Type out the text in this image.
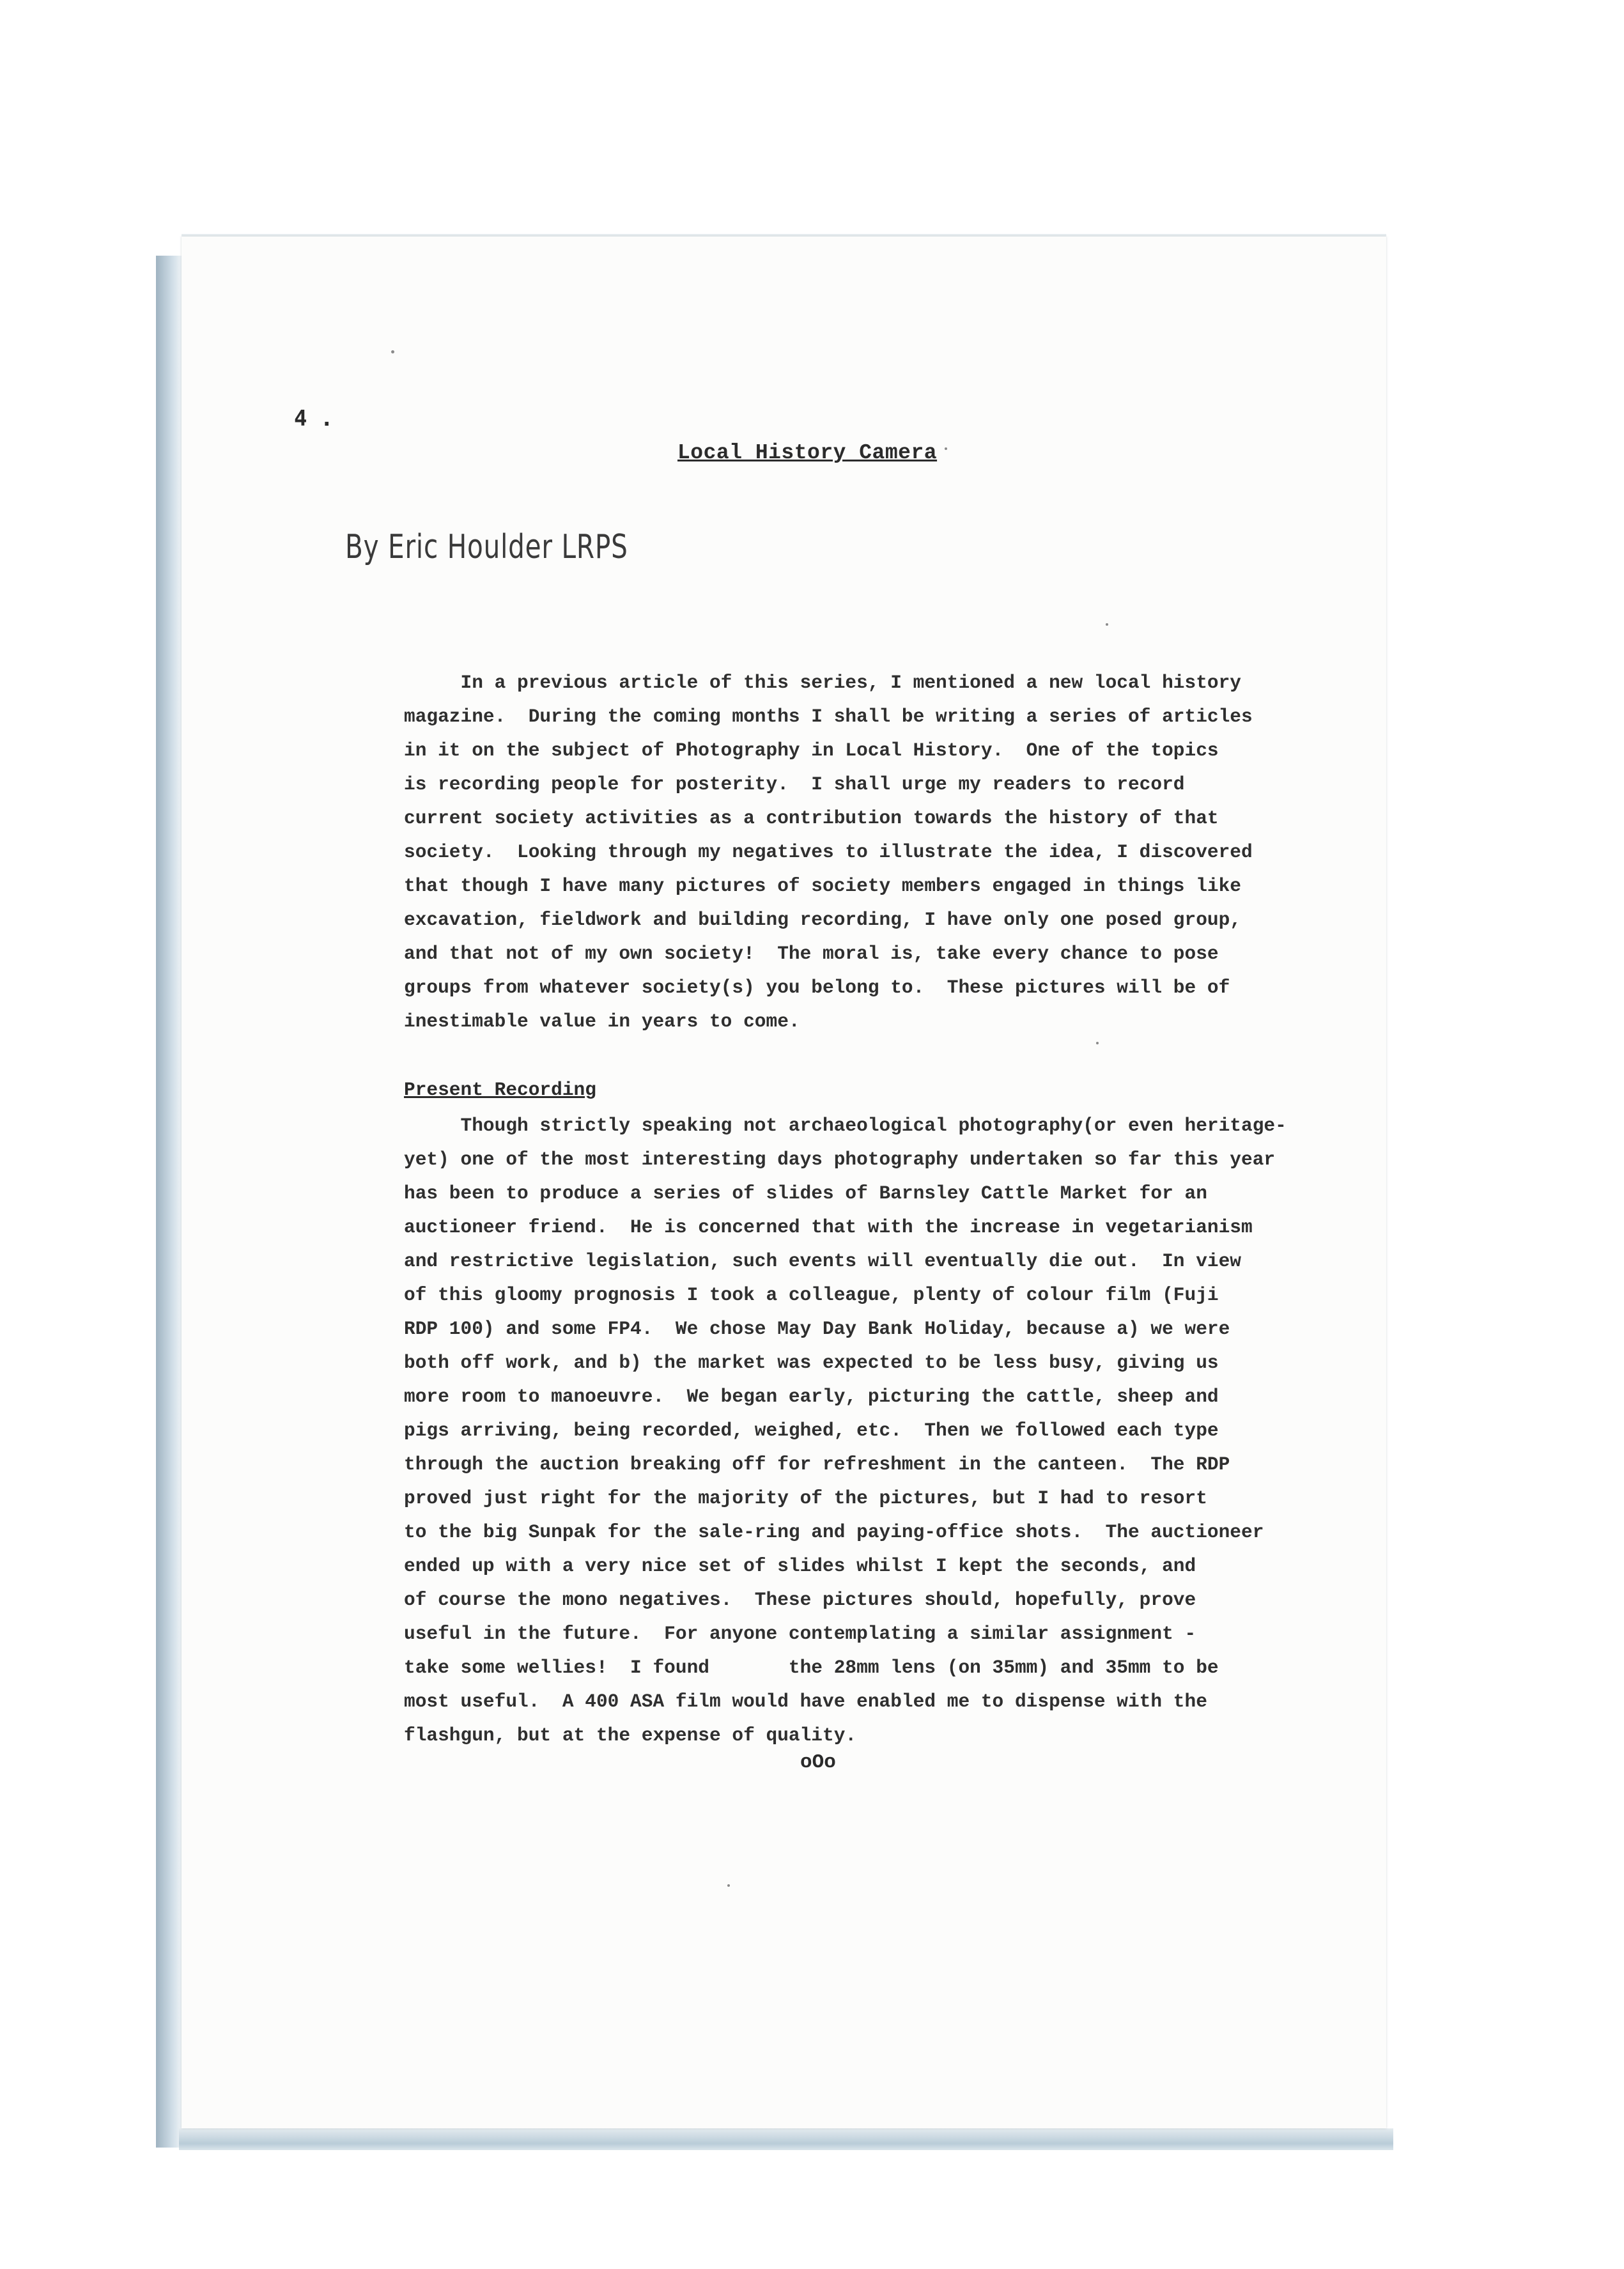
4 .
Local History Camera
By Eric Houlder LRPS
In a previous article of this series, I mentioned a new local history
magazine.  During the coming months I shall be writing a series of articles
in it on the subject of Photography in Local History.  One of the topics
is recording people for posterity.  I shall urge my readers to record
current society activities as a contribution towards the history of that
society.  Looking through my negatives to illustrate the idea, I discovered
that though I have many pictures of society members engaged in things like
excavation, fieldwork and building recording, I have only one posed group,
and that not of my own society!  The moral is, take every chance to pose
groups from whatever society(s) you belong to.  These pictures will be of
inestimable value in years to come.
Present Recording
Though strictly speaking not archaeological photography(or even heritage-
yet) one of the most interesting days photography undertaken so far this year
has been to produce a series of slides of Barnsley Cattle Market for an
auctioneer friend.  He is concerned that with the increase in vegetarianism
and restrictive legislation, such events will eventually die out.  In view
of this gloomy prognosis I took a colleague, plenty of colour film (Fuji
RDP 100) and some FP4.  We chose May Day Bank Holiday, because a) we were
both off work, and b) the market was expected to be less busy, giving us
more room to manoeuvre.  We began early, picturing the cattle, sheep and
pigs arriving, being recorded, weighed, etc.  Then we followed each type
through the auction breaking off for refreshment in the canteen.  The RDP
proved just right for the majority of the pictures, but I had to resort
to the big Sunpak for the sale-ring and paying-office shots.  The auctioneer
ended up with a very nice set of slides whilst I kept the seconds, and
of course the mono negatives.  These pictures should, hopefully, prove
useful in the future.  For anyone contemplating a similar assignment -
take some wellies!  I found       the 28mm lens (on 35mm) and 35mm to be
most useful.  A 400 ASA film would have enabled me to dispense with the
flashgun, but at the expense of quality.
oOo
